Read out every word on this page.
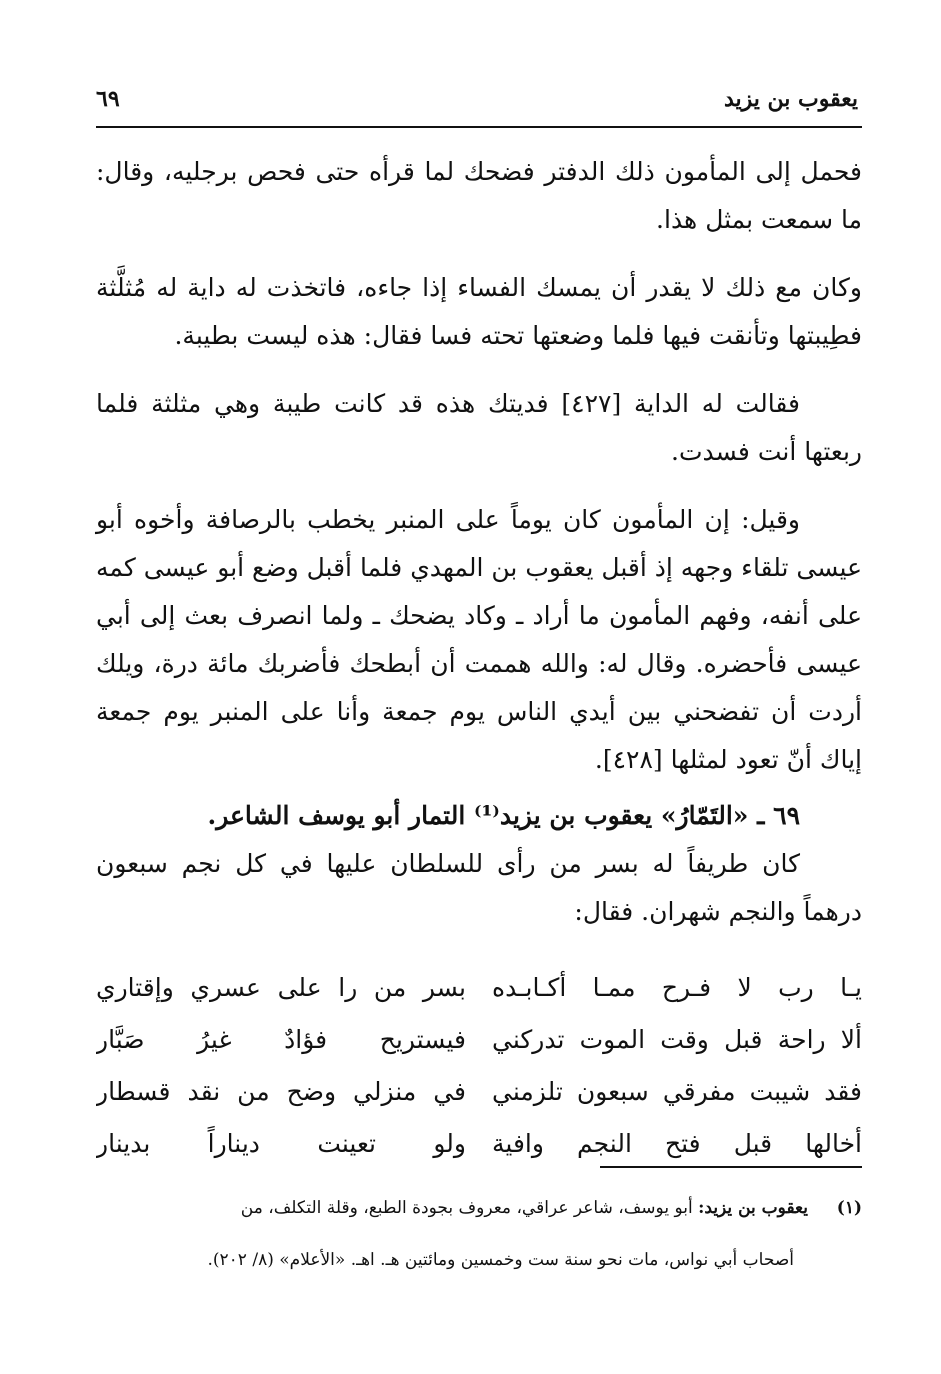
يعقوب بن يزيد
٦٩

فحمل إلى المأمون ذلك الدفتر فضحك لما قرأه حتى فحص برجليه، وقال: ما سمعت بمثل هذا.

وكان مع ذلك لا يقدر أن يمسك الفساء إذا جاءه، فاتخذت له داية له مُثلَّثة فطِيبتها وتأنقت فيها فلما وضعتها تحته فسا فقال: هذه ليست بطيبة.

فقالت له الداية [٤٢٧] فديتك هذه قد كانت طيبة وهي مثلثة فلما ربعتها أنت فسدت.

وقيل: إن المأمون كان يوماً على المنبر يخطب بالرصافة وأخوه أبو عيسى تلقاء وجهه إذ أقبل يعقوب بن المهدي فلما أقبل وضع أبو عيسى كمه على أنفه، وفهم المأمون ما أراد ـ وكاد يضحك ـ ولما انصرف بعث إلى أبي عيسى فأحضره. وقال له: والله هممت أن أبطحك فأضربك مائة درة، ويلك أردت أن تفضحني بين أيدي الناس يوم جمعة وأنا على المنبر يوم جمعة إياك أنّ تعود لمثلها [٤٢٨].

٦٩ ـ «التَمّارُ» يعقوب بن يزيد⁽¹⁾ التمار أبو يوسف الشاعر.

كان طريفاً له بسر من رأى للسلطان عليها في كل نجم سبعون درهماً والنجم شهران. فقال:

يـا رب لا فـرح ممـا أكـابـده
بسر من را على عسري وإقتاري
ألا راحة قبل وقت الموت تدركني
فيستريح فؤادٌ غيرُ صَبَّار
فقد شيبت مفرقي سبعون تلزمني
في منزلي وضح من نقد قسطار
أخالها قبل فتح النجم وافية
ولو تعينت ديناراً بدينار

(١)يعقوب بن يزيد: أبو يوسف، شاعر عراقي، معروف بجودة الطبع، وقلة التكلف، من

أصحاب أبي نواس، مات نحو سنة ست وخمسين ومائتين هـ. اهـ. «الأعلام» (٨/ ٢٠٢).
